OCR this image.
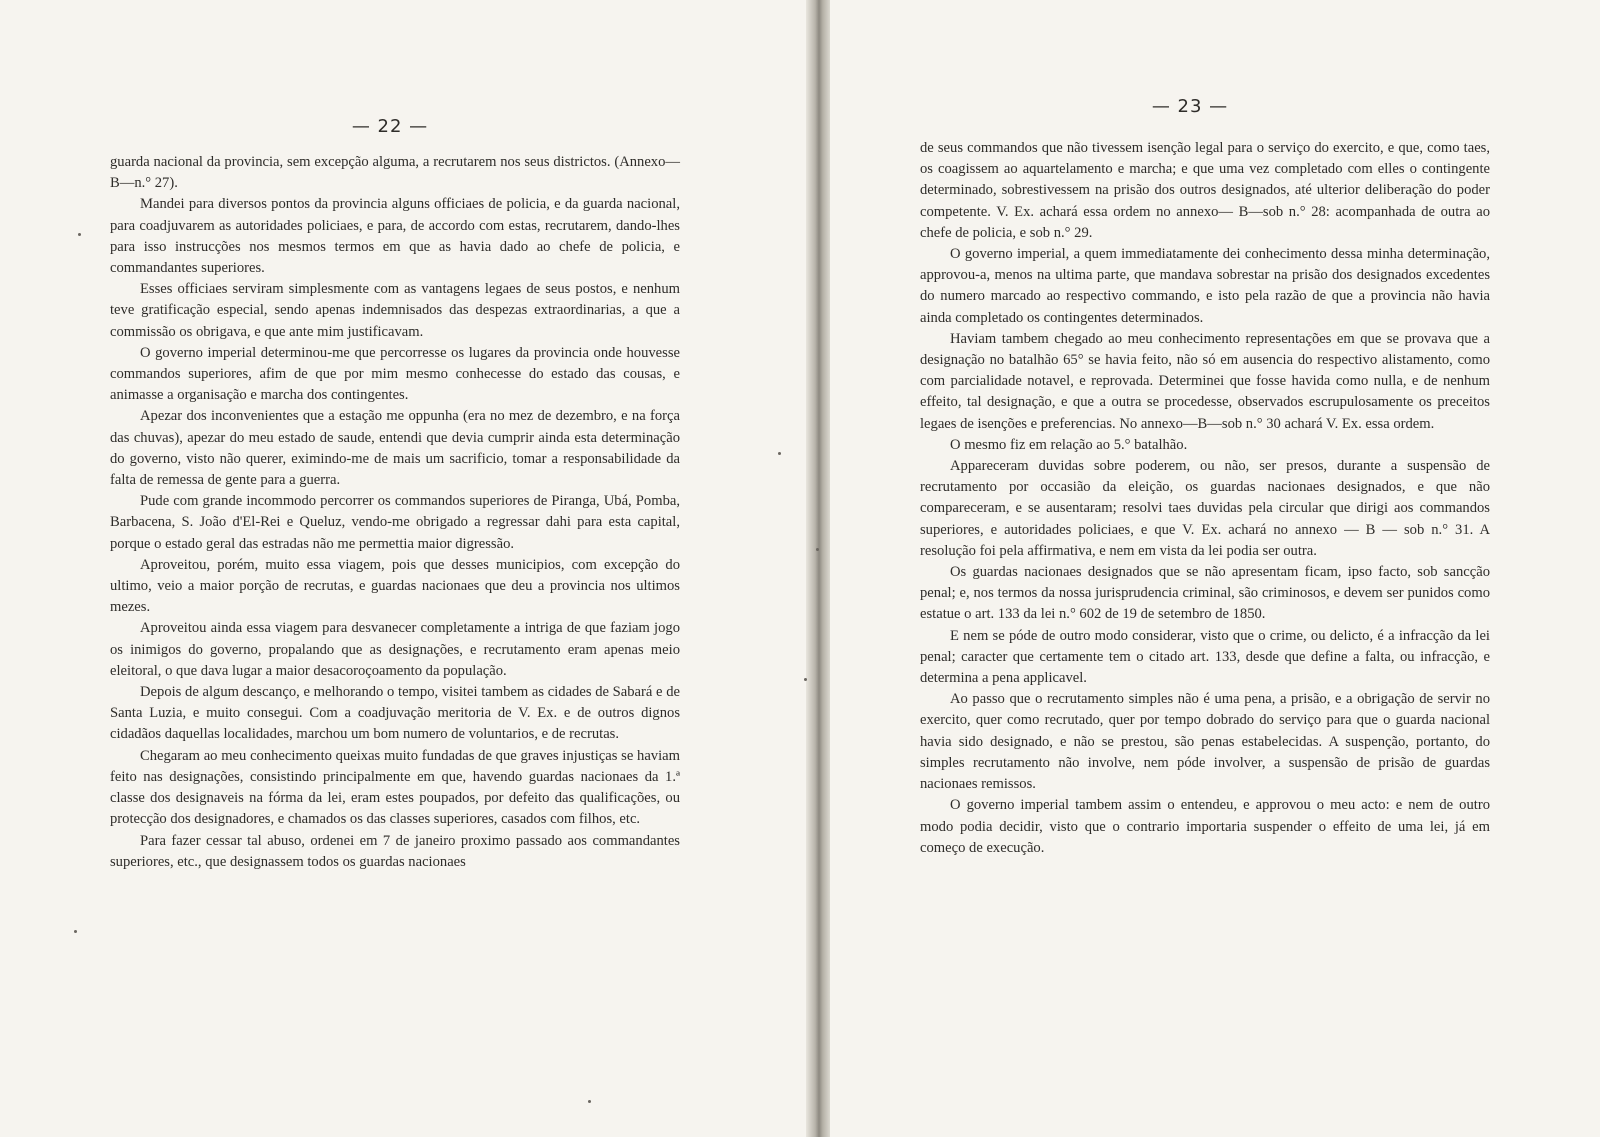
— 22 —

guarda nacional da provincia, sem excepção alguma, a recrutarem nos seus districtos. (Annexo—B—n.° 27).

Mandei para diversos pontos da provincia alguns officiaes de policia, e da guarda nacional, para coadjuvarem as autoridades policiaes, e para, de accordo com estas, recrutarem, dando-lhes para isso instrucções nos mesmos termos em que as havia dado ao chefe de policia, e commandantes superiores.

Esses officiaes serviram simplesmente com as vantagens legaes de seus postos, e nenhum teve gratificação especial, sendo apenas indemnisados das despezas extraordinarias, a que a commissão os obrigava, e que ante mim justificavam.

O governo imperial determinou-me que percorresse os lugares da provincia onde houvesse commandos superiores, afim de que por mim mesmo conhecesse do estado das cousas, e animasse a organisação e marcha dos contingentes.

Apezar dos inconvenientes que a estação me oppunha (era no mez de dezembro, e na força das chuvas), apezar do meu estado de saude, entendi que devia cumprir ainda esta determinação do governo, visto não querer, eximindo-me de mais um sacrificio, tomar a responsabilidade da falta de remessa de gente para a guerra.

Pude com grande incommodo percorrer os commandos superiores de Piranga, Ubá, Pomba, Barbacena, S. João d'El-Rei e Queluz, vendo-me obrigado a regressar dahi para esta capital, porque o estado geral das estradas não me permettia maior digressão.

Aproveitou, porém, muito essa viagem, pois que desses municipios, com excepção do ultimo, veio a maior porção de recrutas, e guardas nacionaes que deu a provincia nos ultimos mezes.

Aproveitou ainda essa viagem para desvanecer completamente a intriga de que faziam jogo os inimigos do governo, propalando que as designações, e recrutamento eram apenas meio eleitoral, o que dava lugar a maior desacoroçoamento da população.

Depois de algum descanço, e melhorando o tempo, visitei tambem as cidades de Sabará e de Santa Luzia, e muito consegui. Com a coadjuvação meritoria de V. Ex. e de outros dignos cidadãos daquellas localidades, marchou um bom numero de voluntarios, e de recrutas.

Chegaram ao meu conhecimento queixas muito fundadas de que graves injustiças se haviam feito nas designações, consistindo principalmente em que, havendo guardas nacionaes da 1.ª classe dos designaveis na fórma da lei, eram estes poupados, por defeito das qualificações, ou protecção dos designadores, e chamados os das classes superiores, casados com filhos, etc.

Para fazer cessar tal abuso, ordenei em 7 de janeiro proximo passado aos commandantes superiores, etc., que designassem todos os guardas nacionaes

— 23 —

de seus commandos que não tivessem isenção legal para o serviço do exercito, e que, como taes, os coagissem ao aquartelamento e marcha; e que uma vez completado com elles o contingente determinado, sobrestivessem na prisão dos outros designados, até ulterior deliberação do poder competente. V. Ex. achará essa ordem no annexo— B—sob n.° 28: acompanhada de outra ao chefe de policia, e sob n.° 29.

O governo imperial, a quem immediatamente dei conhecimento dessa minha determinação, approvou-a, menos na ultima parte, que mandava sobrestar na prisão dos designados excedentes do numero marcado ao respectivo commando, e isto pela razão de que a provincia não havia ainda completado os contingentes determinados.

Haviam tambem chegado ao meu conhecimento representações em que se provava que a designação no batalhão 65° se havia feito, não só em ausencia do respectivo alistamento, como com parcialidade notavel, e reprovada. Determinei que fosse havida como nulla, e de nenhum effeito, tal designação, e que a outra se procedesse, observados escrupulosamente os preceitos legaes de isenções e preferencias. No annexo—B—sob n.° 30 achará V. Ex. essa ordem.

O mesmo fiz em relação ao 5.° batalhão.

Appareceram duvidas sobre poderem, ou não, ser presos, durante a suspensão de recrutamento por occasião da eleição, os guardas nacionaes designados, e que não compareceram, e se ausentaram; resolvi taes duvidas pela circular que dirigi aos commandos superiores, e autoridades policiaes, e que V. Ex. achará no annexo — B — sob n.° 31. A resolução foi pela affirmativa, e nem em vista da lei podia ser outra.

Os guardas nacionaes designados que se não apresentam ficam, ipso facto, sob sancção penal; e, nos termos da nossa jurisprudencia criminal, são criminosos, e devem ser punidos como estatue o art. 133 da lei n.° 602 de 19 de setembro de 1850.

E nem se póde de outro modo considerar, visto que o crime, ou delicto, é a infracção da lei penal; caracter que certamente tem o citado art. 133, desde que define a falta, ou infracção, e determina a pena applicavel.

Ao passo que o recrutamento simples não é uma pena, a prisão, e a obrigação de servir no exercito, quer como recrutado, quer por tempo dobrado do serviço para que o guarda nacional havia sido designado, e não se prestou, são penas estabelecidas. A suspenção, portanto, do simples recrutamento não involve, nem póde involver, a suspensão de prisão de guardas nacionaes remissos.

O governo imperial tambem assim o entendeu, e approvou o meu acto: e nem de outro modo podia decidir, visto que o contrario importaria suspender o effeito de uma lei, já em começo de execução.
